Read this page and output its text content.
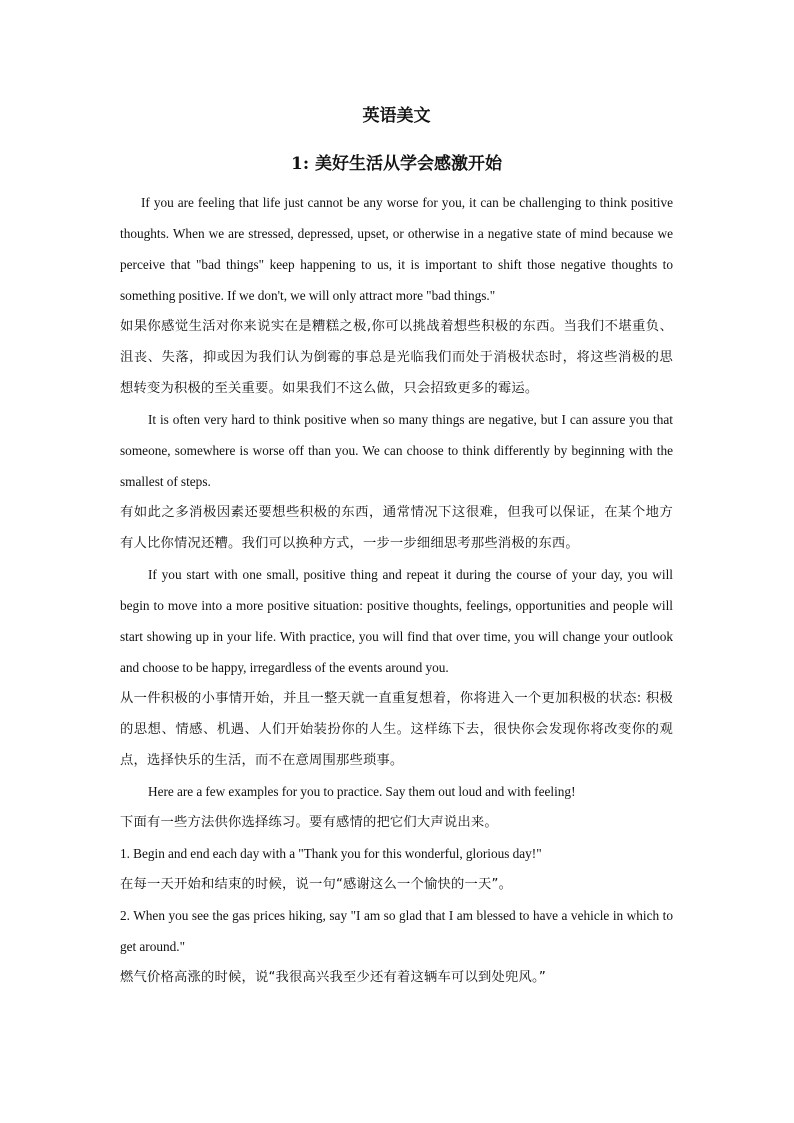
英语美文
1: 美好生活从学会感激开始

If you are feeling that life just cannot be any worse for you, it can be challenging to think positive thoughts. When we are stressed, depressed, upset, or otherwise in a negative state of mind because we perceive that "bad things" keep happening to us, it is important to shift those negative thoughts to something positive. If we don't, we will only attract more "bad things."

如果你感觉生活对你来说实在是糟糕之极,你可以挑战着想些积极的东西。当我们不堪重负、沮丧、失落，抑或因为我们认为倒霉的事总是光临我们而处于消极状态时，将这些消极的思想转变为积极的至关重要。如果我们不这么做，只会招致更多的霉运。

It is often very hard to think positive when so many things are negative, but I can assure you that someone, somewhere is worse off than you. We can choose to think differently by beginning with the smallest of steps.

有如此之多消极因素还要想些积极的东西，通常情况下这很难，但我可以保证，在某个地方有人比你情况还糟。我们可以换种方式，一步一步细细思考那些消极的东西。

If you start with one small, positive thing and repeat it during the course of your day, you will begin to move into a more positive situation: positive thoughts, feelings, opportunities and people will start showing up in your life. With practice, you will find that over time, you will change your outlook and choose to be happy, irregardless of the events around you.

从一件积极的小事情开始，并且一整天就一直重复想着，你将进入一个更加积极的状态: 积极的思想、情感、机遇、人们开始装扮你的人生。这样练下去，很快你会发现你将改变你的观点，选择快乐的生活，而不在意周围那些琐事。

Here are a few examples for you to practice. Say them out loud and with feeling!

下面有一些方法供你选择练习。要有感情的把它们大声说出来。

1. Begin and end each day with a "Thank you for this wonderful, glorious day!"

在每一天开始和结束的时候，说一句“感谢这么一个愉快的一天”。

2. When you see the gas prices hiking, say "I am so glad that I am blessed to have a vehicle in which to get around."

燃气价格高涨的时候，说“我很高兴我至少还有着这辆车可以到处兜风。”
